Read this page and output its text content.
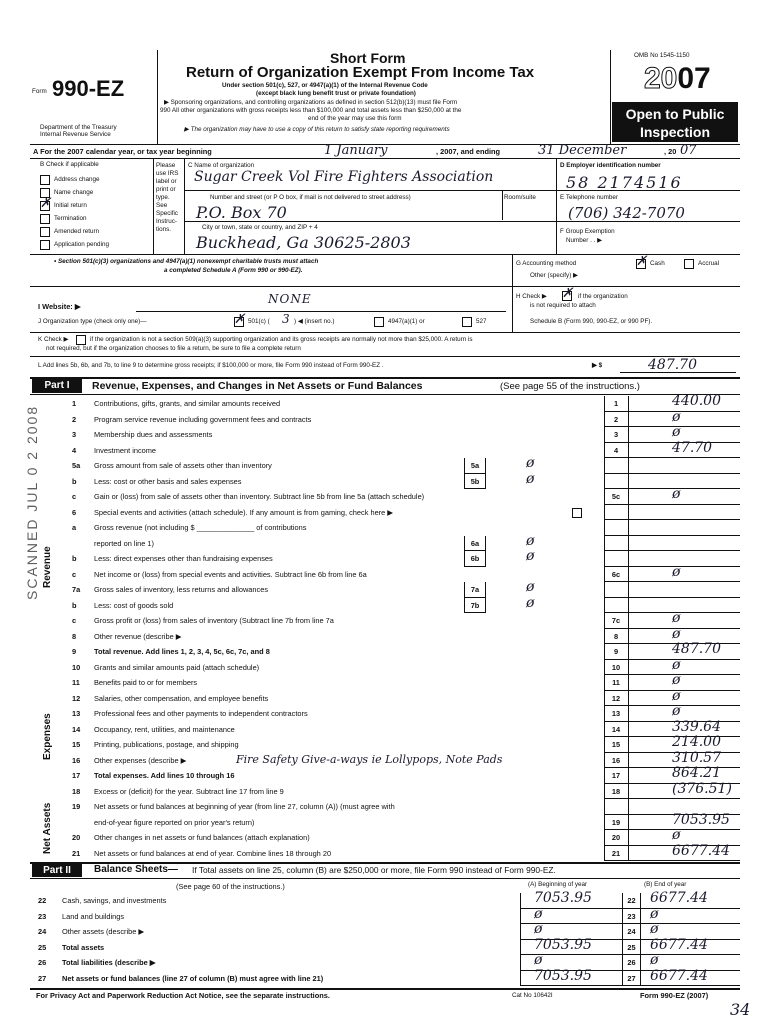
Form 990-EZ
Department of the Treasury
Internal Revenue Service
Short Form
Return of Organization Exempt From Income Tax
Under section 501(c), 527, or 4947(a)(1) of the Internal Revenue Code
(except black lung benefit trust or private foundation)
▶ Sponsoring organizations, and controlling organizations as defined in section 512(b)(13) must file Form
990 All other organizations with gross receipts less than $100,000 and total assets less than $250,000 at the
end of the year may use this form
▶ The organization may have to use a copy of this return to satisfy state reporting requirements
OMB No 1545-1150
2007
Open to Public
Inspection
A For the 2007 calendar year, or tax year beginning	1 January	, 2007, and ending	31 December	, 20 07
B Check if applicable
Address change
Name change
✗ Initial return
Termination
Amended return
Application pending
Please
use IRS
label or
print or
type.
See
Specific
Instruc-
tions.
C Name of organization
Sugar Creek Vol Fire Fighters Association
Number and street (or P O box, if mail is not delivered to street address)	Room/suite
P.O. Box 70
City or town, state or country, and ZIP + 4
Buckhead, Ga 30625-2803
D Employer identification number
58 2174516
E Telephone number
(706) 342-7070
F Group Exemption
Number . . ▶
• Section 501(c)(3) organizations and 4947(a)(1) nonexempt charitable trusts must attach
a completed Schedule A (Form 990 or 990-EZ).
G Accounting method	✗ Cash	Accrual
Other (specify) ▶
I Website: ▶
NONE	H Check ▶ ✗ if the organization
is not required to attach
J Organization type (check only one)—	✗ 501(c) ( 3 ) ◀ (insert no.)	4947(a)(1) or	527	Schedule B (Form 990, 990-EZ, or 990 PF).
K Check ▶	if the organization is not a section 509(a)(3) supporting organization and its gross receipts are normally not more than $25,000. A return is
not required, but if the organization chooses to file a return, be sure to file a complete return
L Add lines 5b, 6b, and 7b, to line 9 to determine gross receipts; if $100,000 or more, file Form 990 instead of Form 990-EZ .	▶ $	487.70
Part I	Revenue, Expenses, and Changes in Net Assets or Fund Balances	(See page 55 of the instructions.)
Revenue
Expenses
Net Assets
SCANNED JUL 0 2 2008
1 Contributions, gifts, grants, and similar amounts received	1	440.00
2 Program service revenue including government fees and contracts	2	ø
3 Membership dues and assessments	3	ø
4 Investment income	4	47.70
5a Gross amount from sale of assets other than inventory	5a	ø
b Less: cost or other basis and sales expenses	5b	ø
c Gain or (loss) from sale of assets other than inventory. Subtract line 5b from line 5a (attach schedule)	5c	ø
6 Special events and activities (attach schedule). If any amount is from gaming, check here ▶
a Gross revenue (not including $ ______________ of contributions
reported on line 1)	6a	ø
b Less: direct expenses other than fundraising expenses	6b	ø
c Net income or (loss) from special events and activities. Subtract line 6b from line 6a	6c	ø
7a Gross sales of inventory, less returns and allowances	7a	ø
b Less: cost of goods sold	7b	ø
c Gross profit or (loss) from sales of inventory (Subtract line 7b from line 7a	7c	ø
8 Other revenue (describe ▶	8	ø
9 Total revenue. Add lines 1, 2, 3, 4, 5c, 6c, 7c, and 8	9	487.70
10 Grants and similar amounts paid (attach schedule)	10	ø
11 Benefits paid to or for members	11	ø
12 Salaries, other compensation, and employee benefits	12	ø
13 Professional fees and other payments to independent contractors	13	ø
14 Occupancy, rent, utilities, and maintenance	14	339.64
15 Printing, publications, postage, and shipping	15	214.00
16 Other expenses (describe ▶	16	310.57
17 Total expenses. Add lines 10 through 16	17	864.21
18 Excess or (deficit) for the year. Subtract line 17 from line 9	18	(376.51)
19 Net assets or fund balances at beginning of year (from line 27, column (A)) (must agree with
end-of-year figure reported on prior year's return)	19	7053.95
20 Other changes in net assets or fund balances (attach explanation)	20	ø
21 Net assets or fund balances at end of year. Combine lines 18 through 20	21	6677.44
Fire Safety Give-a-ways ie Lollypops, Note Pads
Part II	Balance Sheets— If Total assets on line 25, column (B) are $250,000 or more, file Form 990 instead of Form 990-EZ.
(See page 60 of the instructions.)	(A) Beginning of year	(B) End of year
22 Cash, savings, and investments	7053.95	22	6677.44
23 Land and buildings	ø	23	ø
24 Other assets (describe ▶	ø	24	ø
25 Total assets	7053.95	25	6677.44
26 Total liabilities (describe ▶	ø	26	ø
27 Net assets or fund balances (line 27 of column (B) must agree with line 21)	7053.95	27	6677.44
For Privacy Act and Paperwork Reduction Act Notice, see the separate instructions.	Cat No 10642I	Form 990-EZ (2007)
34
